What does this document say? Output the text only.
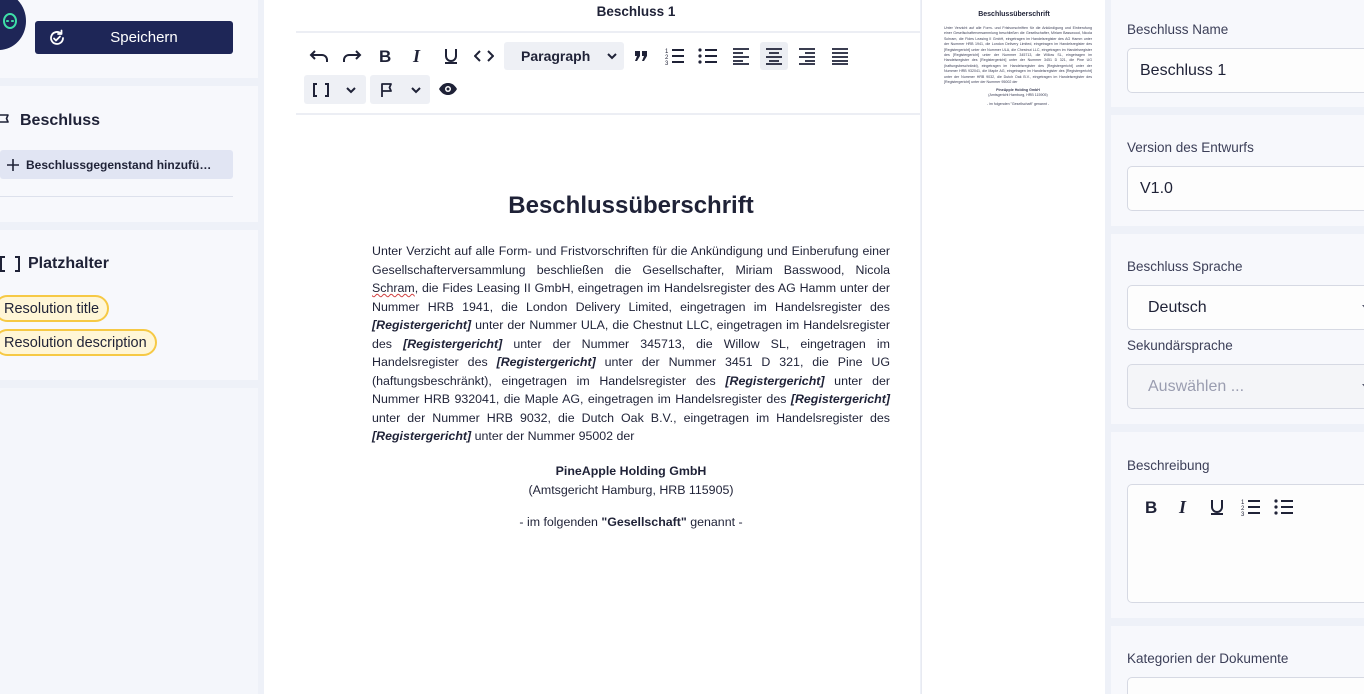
Speichern
Beschluss
Beschlussgegenstand hinzufü…
Platzhalter
Resolution title
Resolution description
Beschluss 1
B I	Paragraph	1
2
3
Beschlussüberschrift
Unter Verzicht auf alle Form- und Fristvorschriften für die Ankündigung und Einberufung einer Gesellschafterversammlung beschließen die Gesellschafter, Miriam Basswood, Nicola Schram, die Fides Leasing II GmbH, eingetragen im Handelsregister des AG Hamm unter der Nummer HRB 1941, die London Delivery Limited, eingetragen im Handelsregister des [Registergericht] unter der Nummer ULA, die Chestnut LLC, eingetragen im Handelsregister des [Registergericht] unter der Nummer 345713, die Willow SL, eingetragen im Handelsregister des [Registergericht] unter der Nummer 3451 D 321, die Pine UG (haftungsbeschränkt), eingetragen im Handelsregister des [Registergericht] unter der Nummer HRB 932041, die Maple AG, eingetragen im Handelsregister des [Registergericht] unter der Nummer HRB 9032, die Dutch Oak B.V., eingetragen im Handelsregister des [Registergericht] unter der Nummer 95002 der
PineApple Holding GmbH
(Amtsgericht Hamburg, HRB 115905)
- im folgenden "Gesellschaft" genannt -
Beschlussüberschrift
Unter Verzicht auf alle Form- und Fristvorschriften für die Ankündigung und Einberufung einer Gesellschafterversammlung beschließen die Gesellschafter, Miriam Basswood, Nicola Schram, die Fides Leasing II GmbH, eingetragen im Handelsregister des AG Hamm unter der Nummer HRB 1941, die London Delivery Limited, eingetragen im Handelsregister des [Registergericht] unter der Nummer ULA, die Chestnut LLC, eingetragen im Handelsregister des [Registergericht] unter der Nummer 345713, die Willow SL, eingetragen im Handelsregister des [Registergericht] unter der Nummer 3451 D 321, die Pine UG (haftungsbeschränkt), eingetragen im Handelsregister des [Registergericht] unter der Nummer HRB 932041, die Maple AG, eingetragen im Handelsregister des [Registergericht] unter der Nummer HRB 9032, die Dutch Oak B.V., eingetragen im Handelsregister des [Registergericht] unter der Nummer 95002 der
PineApple Holding GmbH
(Amtsgericht Hamburg, HRB 115905)
- im folgenden "Gesellschaft" genannt -
Beschluss Name
Beschluss 1
Version des Entwurfs
V1.0
Beschluss Sprache
Deutsch
Sekundärsprache
Auswählen ...
Beschreibung
B I	1
2
3
Kategorien der Dokumente
